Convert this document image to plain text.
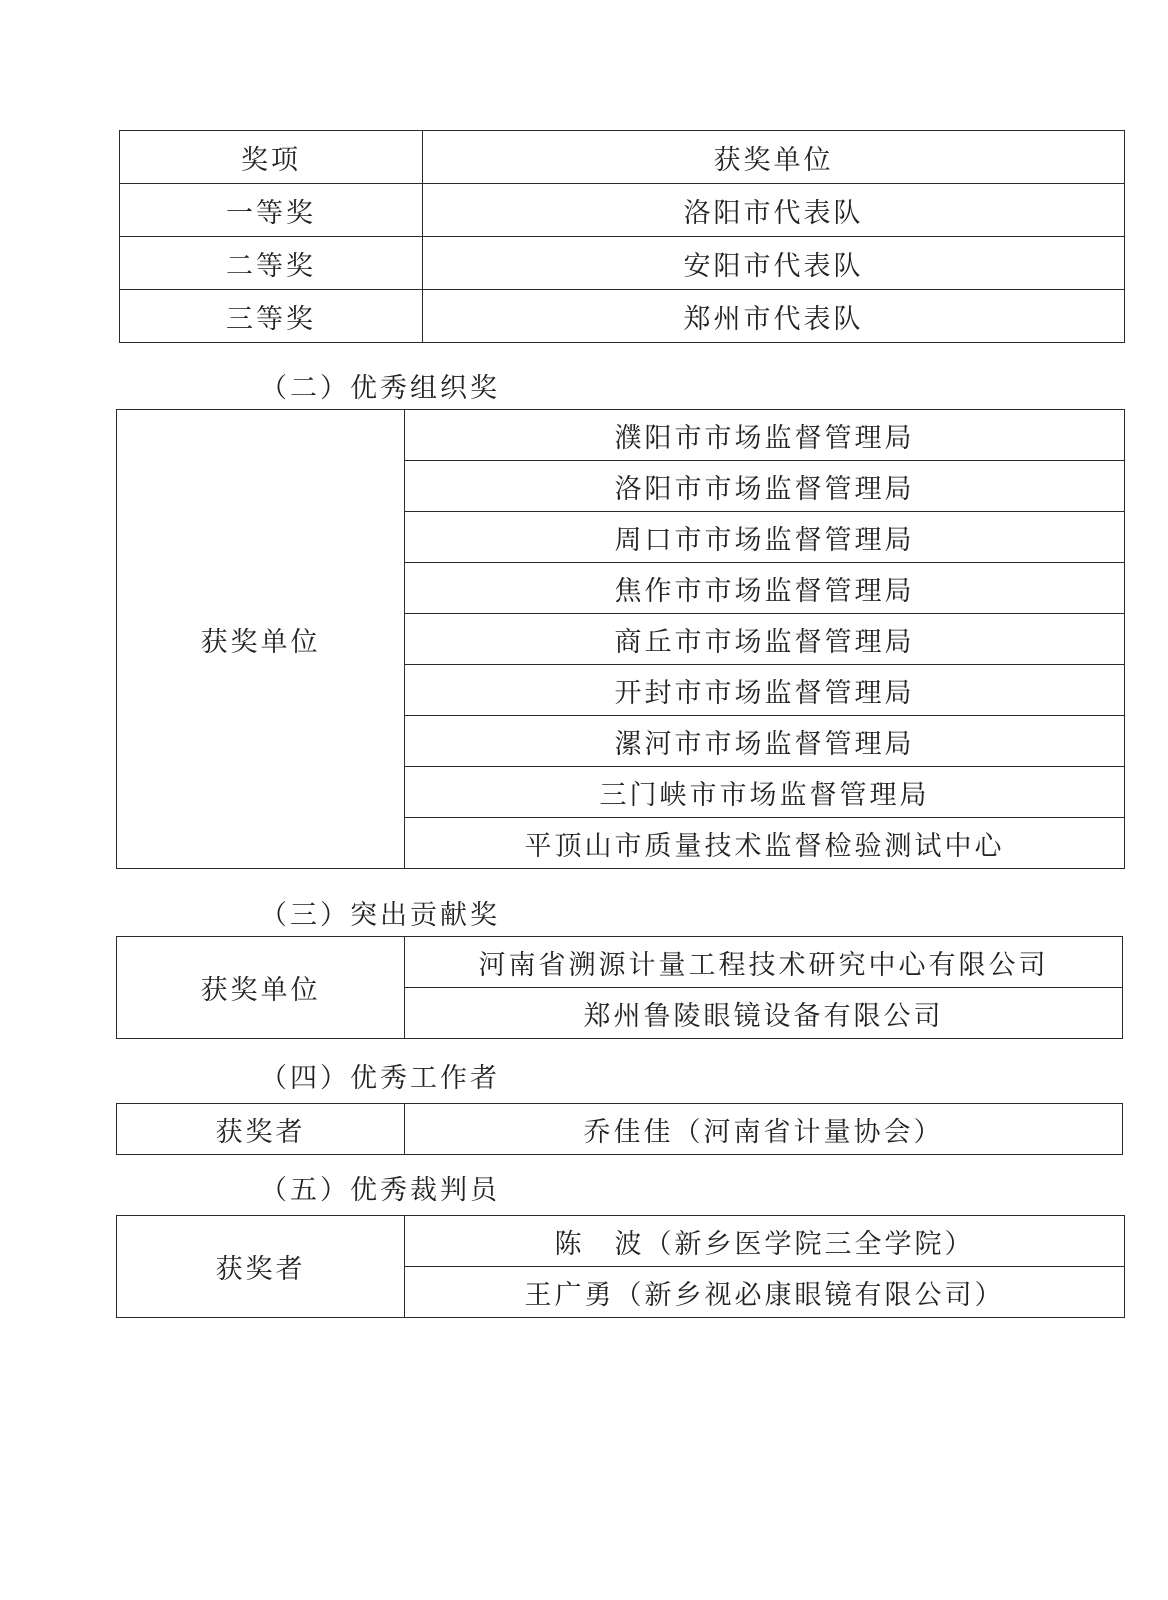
奖项	获奖单位
一等奖	洛阳市代表队
二等奖	安阳市代表队
三等奖	郑州市代表队
（二）优秀组织奖
获奖单位	濮阳市市场监督管理局
洛阳市市场监督管理局
周口市市场监督管理局
焦作市市场监督管理局
商丘市市场监督管理局
开封市市场监督管理局
漯河市市场监督管理局
三门峡市市场监督管理局
平顶山市质量技术监督检验测试中心
（三）突出贡献奖
获奖单位	河南省溯源计量工程技术研究中心有限公司
郑州鲁陵眼镜设备有限公司
（四）优秀工作者
获奖者	乔佳佳（河南省计量协会）
（五）优秀裁判员
获奖者	陈　波（新乡医学院三全学院）
王广勇（新乡视必康眼镜有限公司）
